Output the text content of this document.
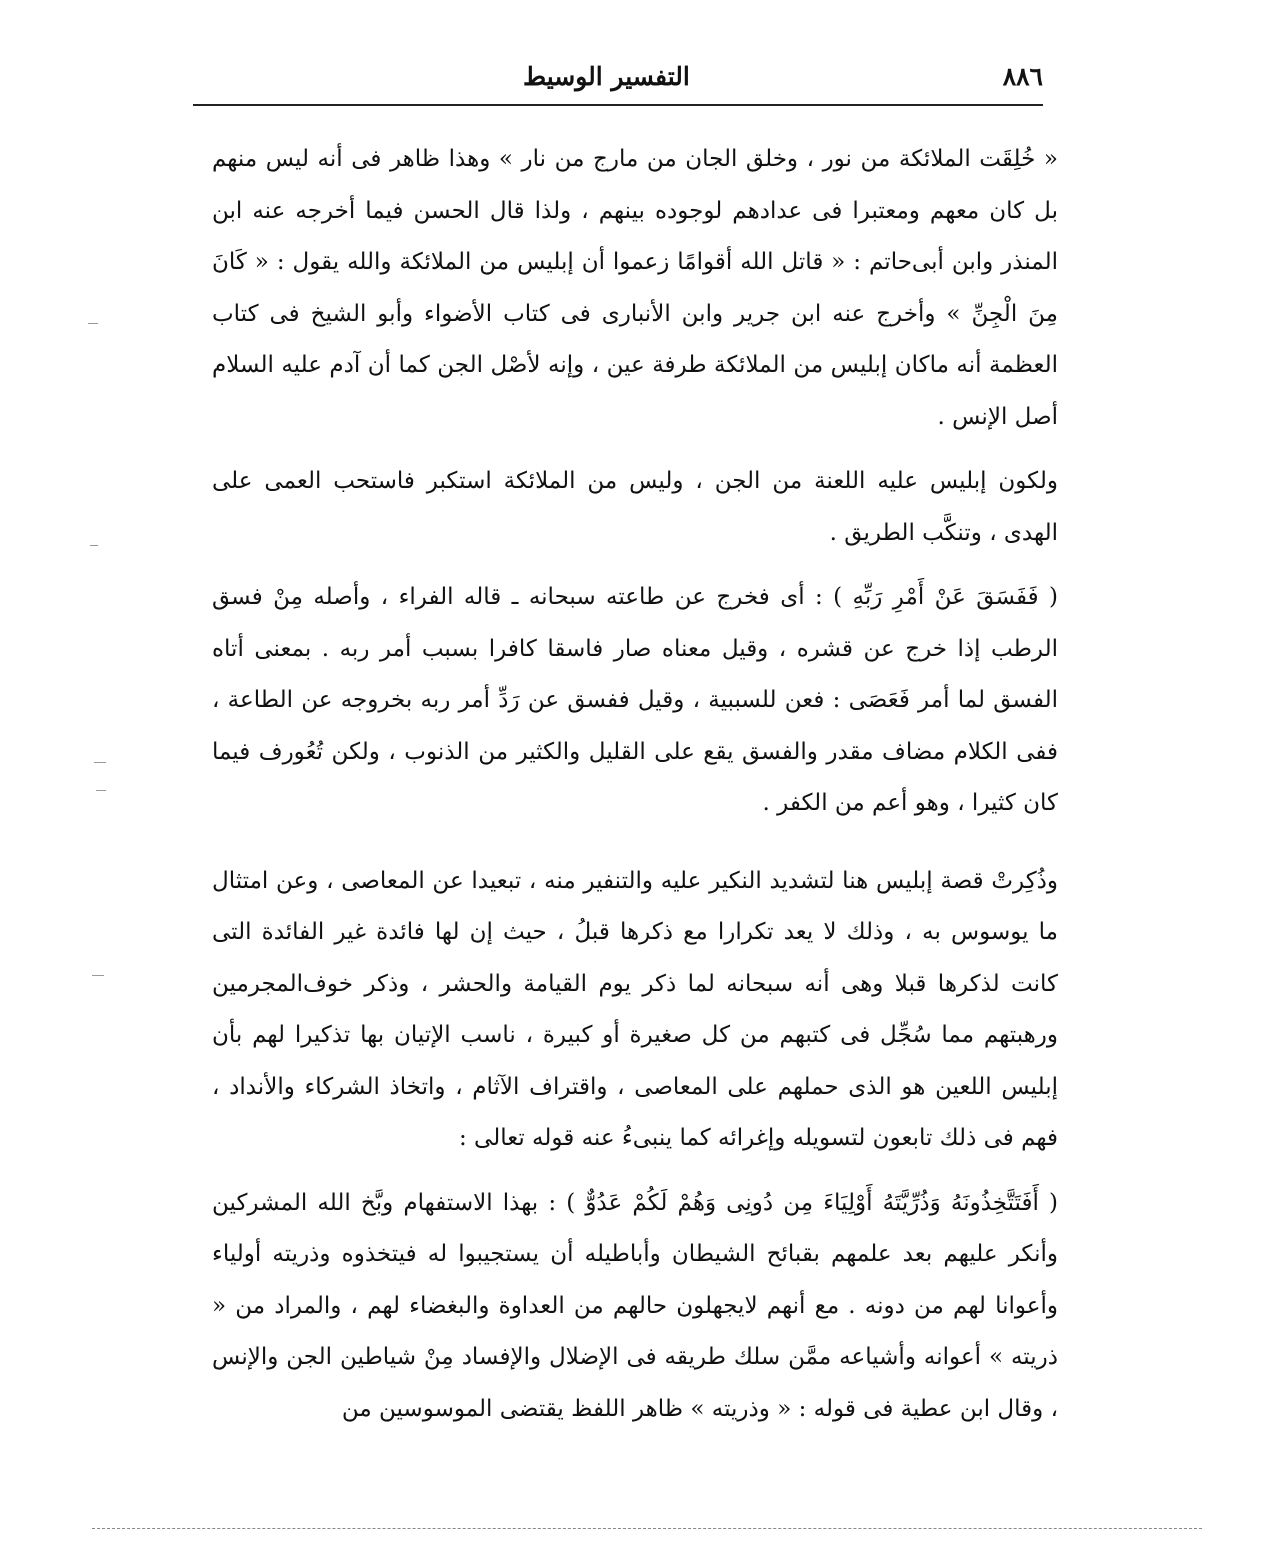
٨٨٦
التفسير الوسيط

« خُلِقَت الملائكة من نور ، وخلق الجان من مارج من نار » وهذا ظاهر فى أنه ليس منهم بل كان معهم ومعتبرا فى عدادهم لوجوده بينهم ، ولذا قال الحسن فيما أخرجه عنه ابن المنذر وابن أبى‌حاتم : « قاتل الله أقوامًا زعموا أن إبليس من الملائكة والله يقول : « كَانَ مِنَ الْجِنِّ » وأخرج عنه ابن جرير وابن الأنبارى فى كتاب الأضواء وأبو الشيخ فى كتاب العظمة أنه ماكان إبليس من الملائكة طرفة عين ، وإنه لأصْل الجن كما أن آدم عليه السلام أصل الإنس .

ولكون إبليس عليه اللعنة من الجن ، وليس من الملائكة استكبر فاستحب العمى على الهدى ، وتنكَّب الطريق .

( فَفَسَقَ عَنْ أَمْرِ رَبِّهِ ) : أى فخرج عن طاعته سبحانه ـ قاله الفراء ، وأصله مِنْ فسق الرطب إذا خرج عن قشره ، وقيل معناه صار فاسقا كافرا بسبب أمر ربه . بمعنى أتاه الفسق لما أمر فَعَصَى : فعن للسببية ، وقيل ففسق عن رَدِّ أمر ربه بخروجه عن الطاعة ، ففى الكلام مضاف مقدر والفسق يقع على القليل والكثير من الذنوب ، ولكن تُعُورف فيما كان كثيرا ، وهو أعم من الكفر .

وذُكِرتْ قصة إبليس هنا لتشديد النكير عليه والتنفير منه ، تبعيدا عن المعاصى ، وعن امتثال ما يوسوس به ، وذلك لا يعد تكرارا مع ذكرها قبلُ ، حيث إن لها فائدة غير الفائدة التى كانت لذكرها قبلا وهى أنه سبحانه لما ذكر يوم القيامة والحشر ، وذكر خوف‌المجرمين ورهبتهم مما سُجِّل فى كتبهم من كل صغيرة أو كبيرة ، ناسب الإتيان بها تذكيرا لهم بأن إبليس اللعين هو الذى حملهم على المعاصى ، واقتراف الآثام ، واتخاذ الشركاء والأنداد ، فهم فى ذلك تابعون لتسويله وإغرائه كما ينبىءُ عنه قوله تعالى :

( أَفَتَتَّخِذُونَهُ وَذُرِّيَّتَهُ أَوْلِيَاءَ مِن دُونِى وَهُمْ لَكُمْ عَدُوٌّ ) : بهذا الاستفهام وبَّخ الله المشركين وأنكر عليهم بعد علمهم بقبائح الشيطان وأباطيله أن يستجيبوا له فيتخذوه وذريته أولياء وأعوانا لهم من دونه . مع أنهم لايجهلون حالهم من العداوة والبغضاء لهم ، والمراد من « ذريته » أعوانه وأشياعه ممَّن سلك طريقه فى الإضلال والإفساد مِنْ شياطين الجن والإنس ، وقال ابن عطية فى قوله : « وذريته » ظاهر اللفظ يقتضى الموسوسين من
